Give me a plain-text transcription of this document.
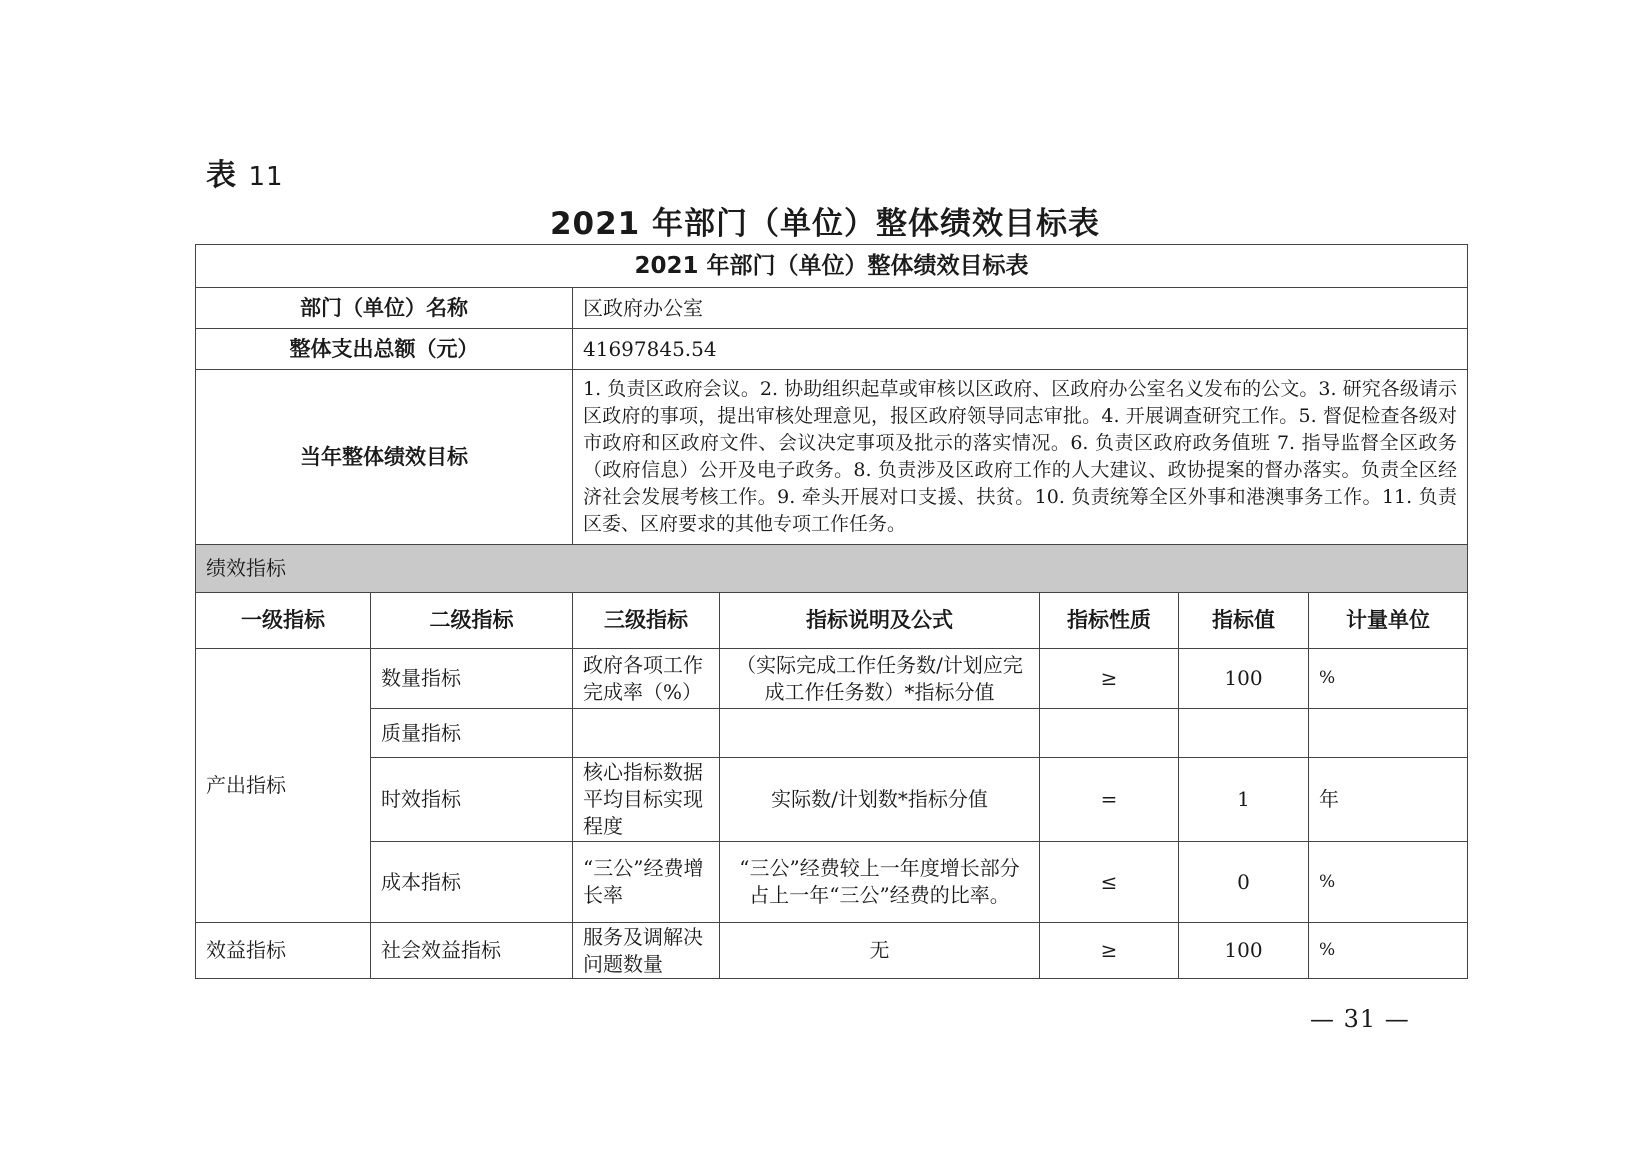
表 11
2021 年部门（单位）整体绩效目标表
2021 年部门（单位）整体绩效目标表						
部门（单位）名称		区政府办公室				
整体支出总额（元）		41697845.54				
当年整体绩效目标		1. 负责区政府会议。2. 协助组织起草或审核以区政府、区政府办公室名义发布的公文。3. 研究各级请示区政府的事项，提出审核处理意见，报区政府领导同志审批。4. 开展调查研究工作。5. 督促检查各级对市政府和区政府文件、会议决定事项及批示的落实情况。6. 负责区政府政务值班 7. 指导监督全区政务（政府信息）公开及电子政务。8. 负责涉及区政府工作的人大建议、政协提案的督办落实。负责全区经济社会发展考核工作。9. 牵头开展对口支援、扶贫。10. 负责统筹全区外事和港澳事务工作。11. 负责区委、区府要求的其他专项工作任务。				
绩效指标						
一级指标	二级指标	三级指标	指标说明及公式	指标性质	指标值	计量单位
产出指标	数量指标	政府各项工作完成率（%）	（实际完成工作任务数/计划应完成工作任务数）*指标分值	≥	100	%
	质量指标					
	时效指标	核心指标数据平均目标实现程度	实际数/计划数*指标分值	=	1	年
	成本指标	“三公”经费增长率	“三公”经费较上一年度增长部分占上一年“三公”经费的比率。	≤	0	%
效益指标	社会效益指标	服务及调解决问题数量	无	≥	100	%
— 31 —
